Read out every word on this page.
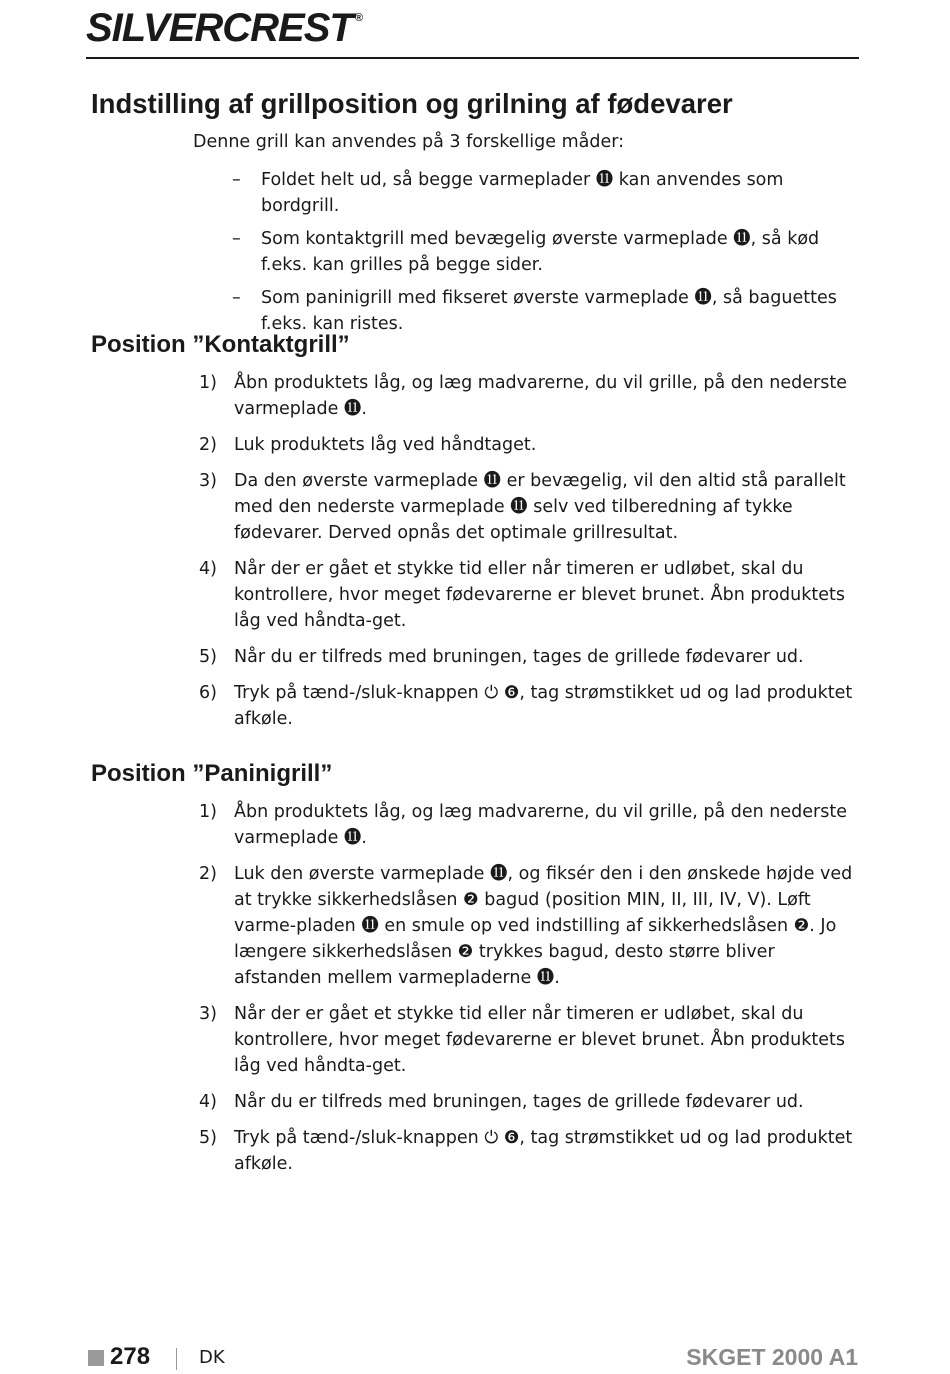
SILVERCREST ®
Indstilling af grillposition og grilning af fødevarer
Denne grill kan anvendes på 3 forskellige måder:
– Foldet helt ud, så begge varmeplader ⓫ kan anvendes som bordgrill.
– Som kontaktgrill med bevægelig øverste varmeplade ⓫, så kød f.eks. kan grilles på begge sider.
– Som paninigrill med fikseret øverste varmeplade ⓫, så baguettes f.eks. kan ristes.
Position ”Kontaktgrill”
1) Åbn produktets låg, og læg madvarerne, du vil grille, på den nederste varmeplade ⓫.
2) Luk produktets låg ved håndtaget.
3) Da den øverste varmeplade ⓫ er bevægelig, vil den altid stå parallelt med den nederste varmeplade ⓫ selv ved tilberedning af tykke fødevarer. Derved opnås det optimale grillresultat.
4) Når der er gået et stykke tid eller når timeren er udløbet, skal du kontrollere, hvor meget fødevarerne er blevet brunet. Åbn produktets låg ved håndta-get.
5) Når du er tilfreds med bruningen, tages de grillede fødevarer ud.
6) Tryk på tænd-/sluk-knappen ⏻ ❻, tag strømstikket ud og lad produktet afkøle.
Position ”Paninigrill”
1) Åbn produktets låg, og læg madvarerne, du vil grille, på den nederste varmeplade ⓫.
2) Luk den øverste varmeplade ⓫, og fiksér den i den ønskede højde ved at trykke sikkerhedslåsen ❷ bagud (position MIN, II, III, IV, V). Løft varme-pladen ⓫ en smule op ved indstilling af sikkerhedslåsen ❷. Jo længere sikkerhedslåsen ❷ trykkes bagud, desto større bliver afstanden mellem varmepladerne ⓫.
3) Når der er gået et stykke tid eller når timeren er udløbet, skal du kontrollere, hvor meget fødevarerne er blevet brunet. Åbn produktets låg ved håndta-get.
4) Når du er tilfreds med bruningen, tages de grillede fødevarer ud.
5) Tryk på tænd-/sluk-knappen ⏻ ❻, tag strømstikket ud og lad produktet afkøle.
278	DK	SKGET 2000 A1
